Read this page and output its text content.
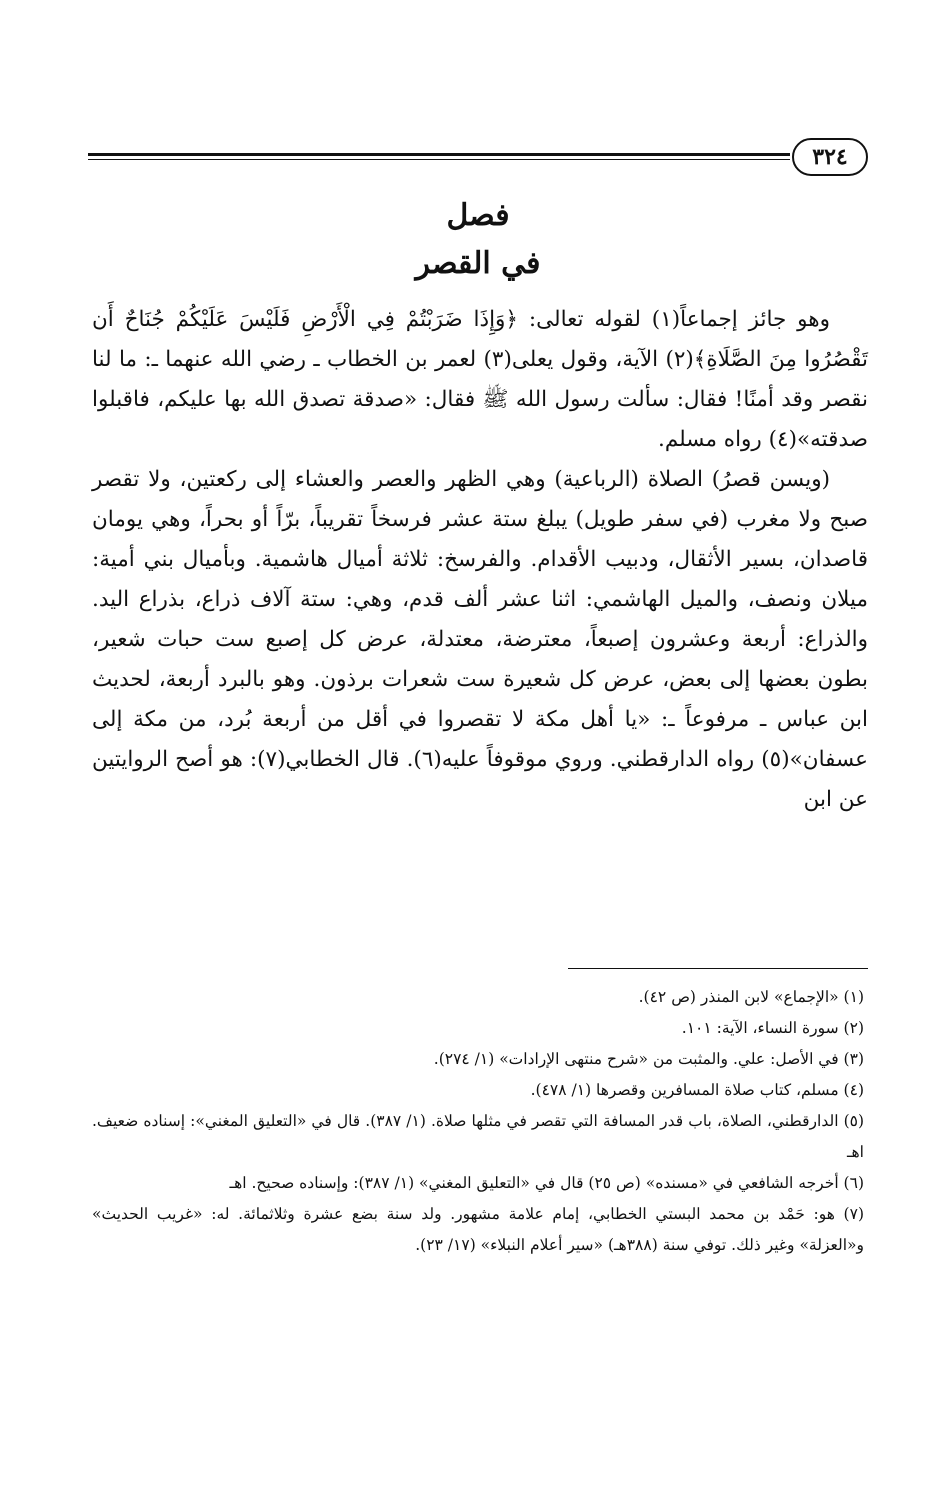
٣٢٤
فصل
في القصر

وهو جائز إجماعاً(١) لقوله تعالى: ﴿وَإِذَا ضَرَبْتُمْ فِي الْأَرْضِ فَلَيْسَ عَلَيْكُمْ جُنَاحٌ أَن تَقْصُرُوا مِنَ الصَّلَاةِ﴾(٢) الآية، وقول يعلى(٣) لعمر بن الخطاب ـ رضي الله عنهما ـ: ما لنا نقصر وقد أمنًا! فقال: سألت رسول الله ﷺ فقال: «صدقة تصدق الله بها عليكم، فاقبلوا صدقته»(٤) رواه مسلم.

(ويسن قصرُ) الصلاة (الرباعية) وهي الظهر والعصر والعشاء إلى ركعتين، ولا تقصر صبح ولا مغرب (في سفر طويل) يبلغ ستة عشر فرسخاً تقريباً، برّاً أو بحراً، وهي يومان قاصدان، بسير الأثقال، ودبيب الأقدام. والفرسخ: ثلاثة أميال هاشمية. وبأميال بني أمية: ميلان ونصف، والميل الهاشمي: اثنا عشر ألف قدم، وهي: ستة آلاف ذراع، بذراع اليد. والذراع: أربعة وعشرون إصبعاً، معترضة، معتدلة، عرض كل إصبع ست حبات شعير، بطون بعضها إلى بعض، عرض كل شعيرة ست شعرات برذون. وهو بالبرد أربعة، لحديث ابن عباس ـ مرفوعاً ـ: «يا أهل مكة لا تقصروا في أقل من أربعة بُرد، من مكة إلى عسفان»(٥) رواه الدارقطني. وروي موقوفاً عليه(٦). قال الخطابي(٧): هو أصح الروايتين عن ابن

(١) «الإجماع» لابن المنذر (ص ٤٢).

(٢) سورة النساء، الآية: ١٠١.

(٣) في الأصل: علي. والمثبت من «شرح منتهى الإرادات» (١/ ٢٧٤).

(٤) مسلم، كتاب صلاة المسافرين وقصرها (١/ ٤٧٨).

(٥) الدارقطني، الصلاة، باب قدر المسافة التي تقصر في مثلها صلاة. (١/ ٣٨٧). قال في «التعليق المغني»: إسناده ضعيف. اهـ

(٦) أخرجه الشافعي في «مسنده» (ص ٢٥) قال في «التعليق المغني» (١/ ٣٨٧): وإسناده صحيح. اهـ

(٧) هو: حَمْد بن محمد البستي الخطابي، إمام علامة مشهور. ولد سنة بضع عشرة وثلاثمائة. له: «غريب الحديث» و«العزلة» وغير ذلك. توفي سنة (٣٨٨هـ) «سير أعلام النبلاء» (١٧/ ٢٣).
